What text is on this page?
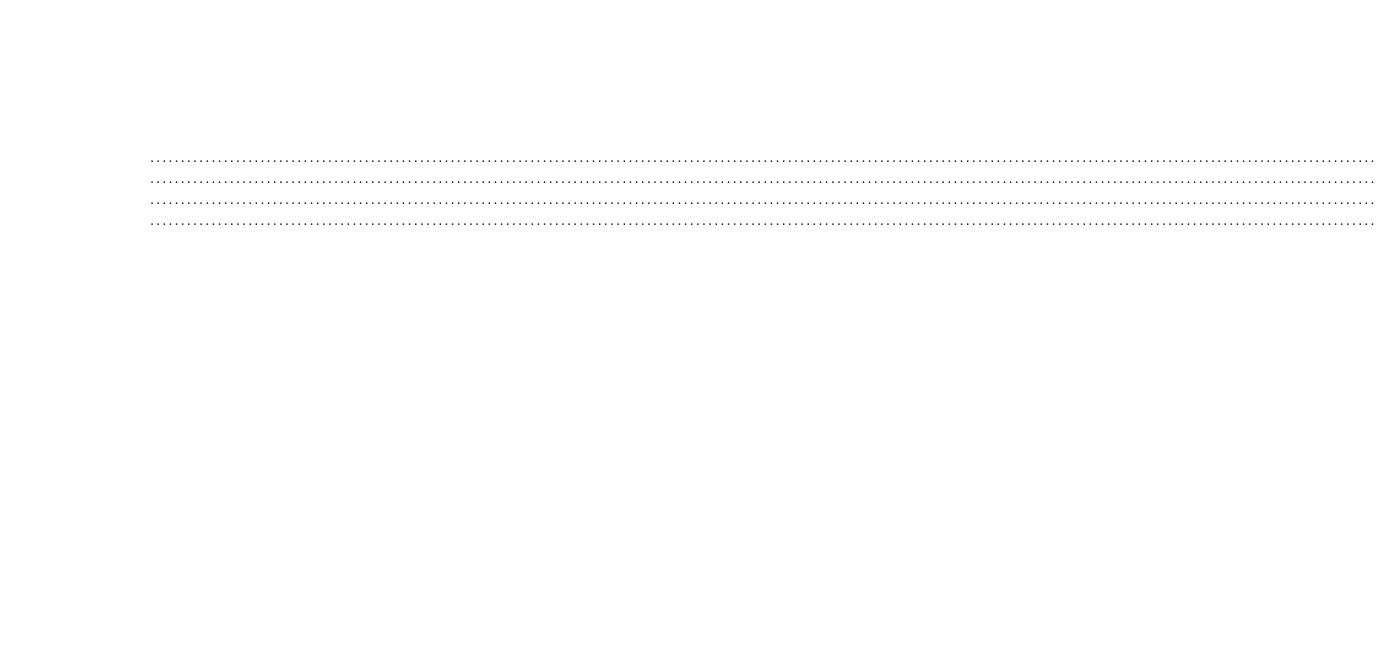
........................................................................................................................................................................................................
........................................................................................................................................................................................................
........................................................................................................................................................................................................
........................................................................................................................................................................................................
